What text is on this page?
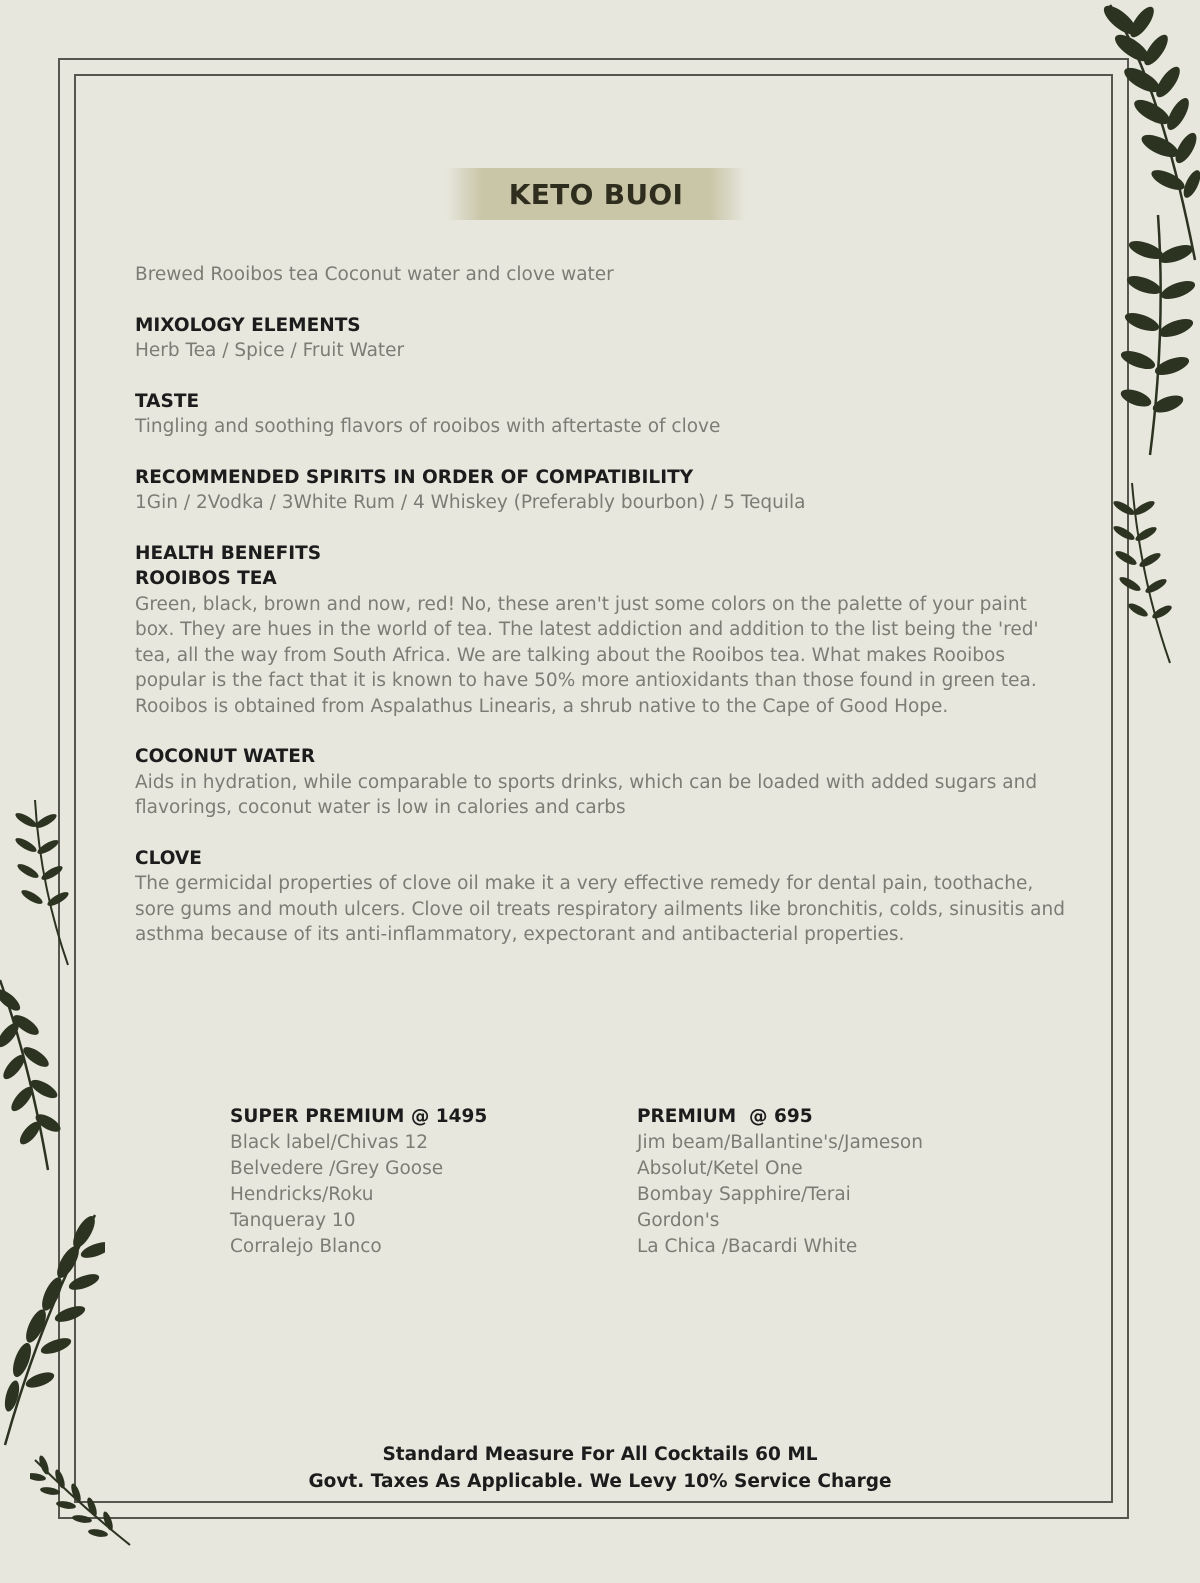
KETO BUOI

Brewed Rooibos tea Coconut water and clove water

MIXOLOGY ELEMENTS

Herb Tea / Spice / Fruit Water

TASTE

Tingling and soothing flavors of rooibos with aftertaste of clove

RECOMMENDED SPIRITS IN ORDER OF COMPATIBILITY

1Gin / 2Vodka / 3White Rum / 4 Whiskey (Preferably bourbon) / 5 Tequila

HEALTH BENEFITS

ROOIBOS TEA

Green, black, brown and now, red! No, these aren't just some colors on the palette of your paint box. They are hues in the world of tea. The latest addiction and addition to the list being the 'red' tea, all the way from South Africa. We are talking about the Rooibos tea. What makes Rooibos popular is the fact that it is known to have 50% more antioxidants than those found in green tea. Rooibos is obtained from Aspalathus Linearis, a shrub native to the Cape of Good Hope.

COCONUT WATER

Aids in hydration, while comparable to sports drinks, which can be loaded with added sugars and flavorings, coconut water is low in calories and carbs

CLOVE

The germicidal properties of clove oil make it a very effective remedy for dental pain, toothache, sore gums and mouth ulcers. Clove oil treats respiratory ailments like bronchitis, colds, sinusitis and asthma because of its anti-inflammatory, expectorant and antibacterial properties.

SUPER PREMIUM @ 1495

Black label/Chivas 12

Belvedere /Grey Goose

Hendricks/Roku

Tanqueray 10

Corralejo Blanco

PREMIUM  @ 695

Jim beam/Ballantine's/Jameson

Absolut/Ketel One

Bombay Sapphire/Terai

Gordon's

La Chica /Bacardi White

Standard Measure For All Cocktails 60 ML
Govt. Taxes As Applicable. We Levy 10% Service Charge
